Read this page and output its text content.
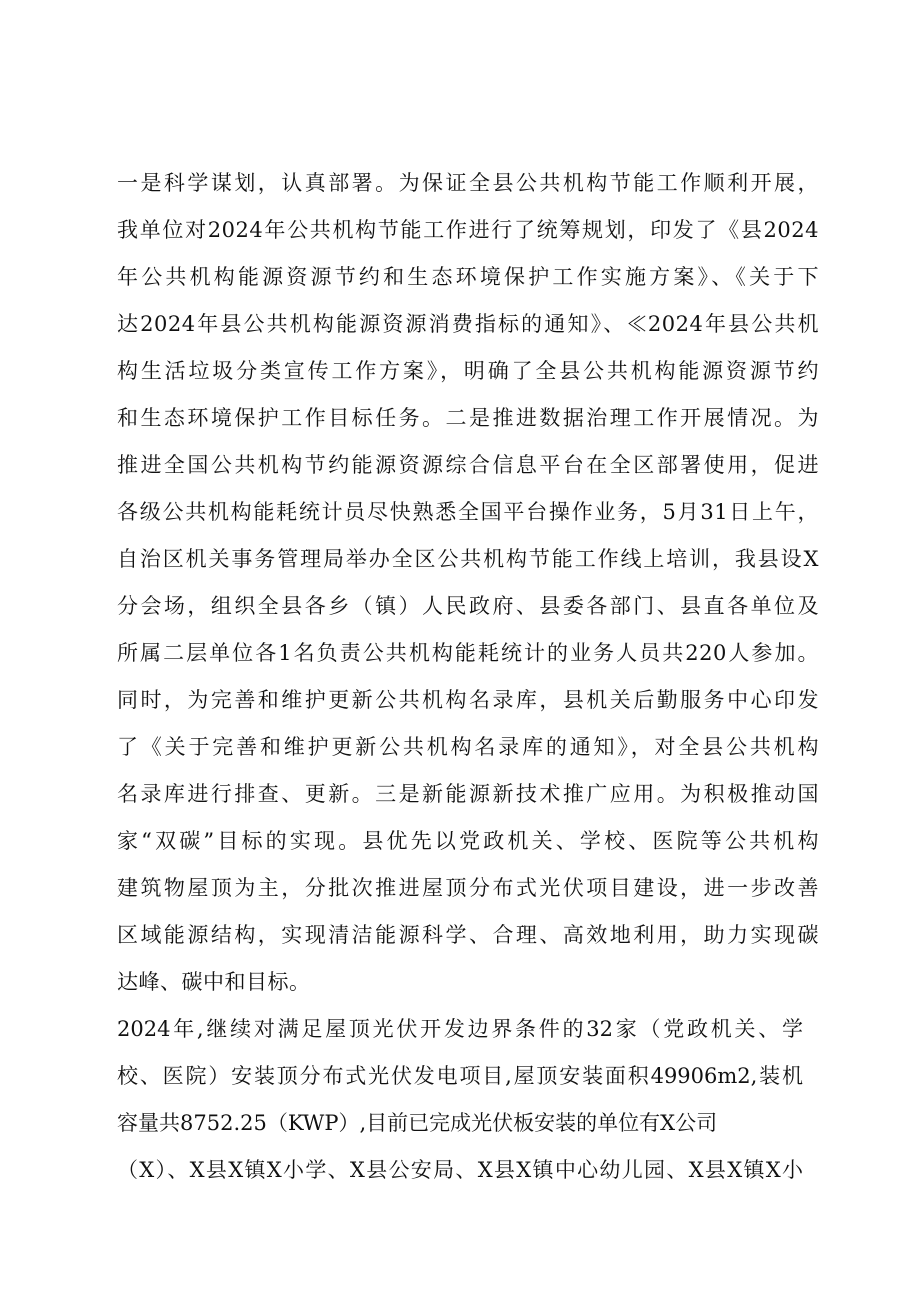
一是科学谋划，认真部署。为保证全县公共机构节能工作顺利开展，
我单位对2024年公共机构节能工作进行了统筹规划，印发了《县2024
年公共机构能源资源节约和生态环境保护工作实施方案》、《关于下
达2024年县公共机构能源资源消费指标的通知》、≪2024年县公共机
构生活垃圾分类宣传工作方案》，明确了全县公共机构能源资源节约
和生态环境保护工作目标任务。二是推进数据治理工作开展情况。为
推进全国公共机构节约能源资源综合信息平台在全区部署使用，促进
各级公共机构能耗统计员尽快熟悉全国平台操作业务，5月31日上午，
自治区机关事务管理局举办全区公共机构节能工作线上培训，我县设X
分会场，组织全县各乡（镇）人民政府、县委各部门、县直各单位及
所属二层单位各1名负责公共机构能耗统计的业务人员共220人参加。
同时，为完善和维护更新公共机构名录库，县机关后勤服务中心印发
了《关于完善和维护更新公共机构名录库的通知》，对全县公共机构
名录库进行排查、更新。三是新能源新技术推广应用。为积极推动国
家“双碳”目标的实现。县优先以党政机关、学校、医院等公共机构
建筑物屋顶为主，分批次推进屋顶分布式光伏项目建设，进一步改善
区域能源结构，实现清洁能源科学、合理、高效地利用，助力实现碳
达峰、碳中和目标。
2024年,继续对满足屋顶光伏开发边界条件的32家（党政机关、学
校、医院）安装顶分布式光伏发电项目,屋顶安装面积49906m2,装机
容量共8752.25（KWP）,目前已完成光伏板安装的单位有X公司
（X）、X县X镇X小学、X县公安局、X县X镇中心幼儿园、X县X镇X小
